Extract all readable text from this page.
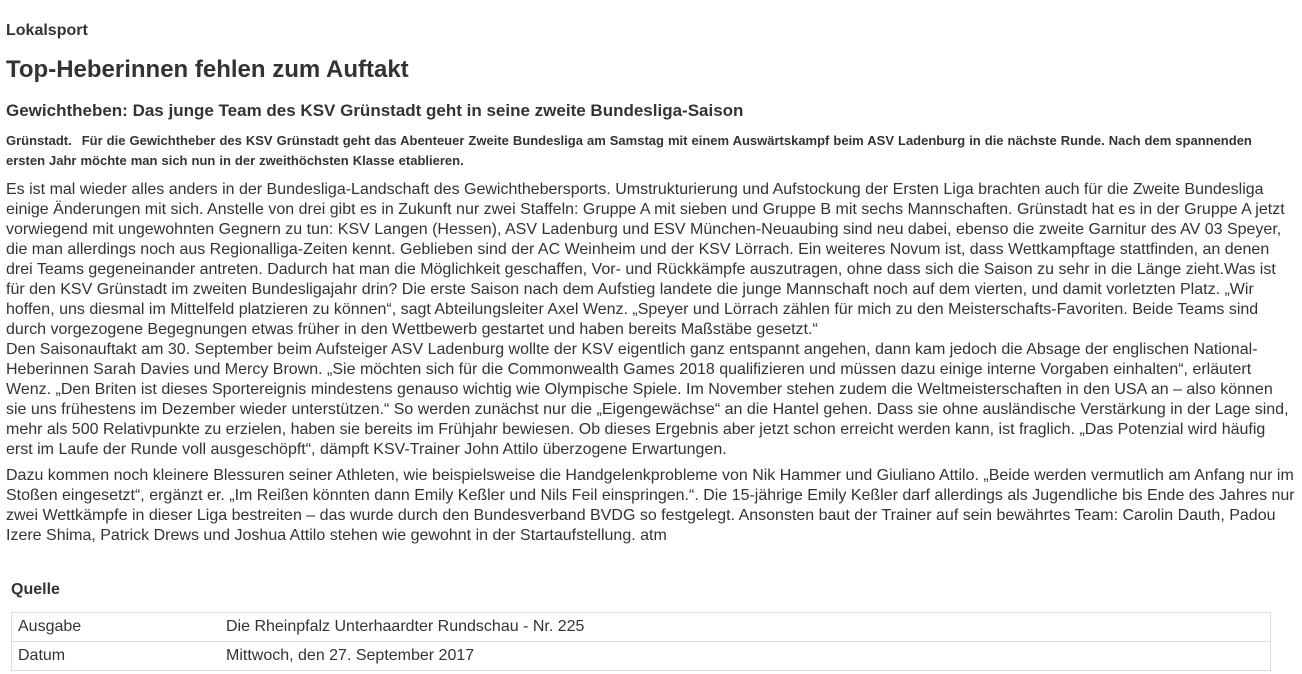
Lokalsport
Top-Heberinnen fehlen zum Auftakt
Gewichtheben: Das junge Team des KSV Grünstadt geht in seine zweite Bundesliga-Saison

Grünstadt. Für die Gewichtheber des KSV Grünstadt geht das Abenteuer Zweite Bundesliga am Samstag mit einem Auswärtskampf beim ASV Ladenburg in die nächste Runde. Nach dem spannenden ersten Jahr möchte man sich nun in der zweithöchsten Klasse etablieren.

Es ist mal wieder alles anders in der Bundesliga-Landschaft des Gewichthebersports. Umstrukturierung und Aufstockung der Ersten Liga brachten auch für die Zweite Bundesliga einige Änderungen mit sich. Anstelle von drei gibt es in Zukunft nur zwei Staffeln: Gruppe A mit sieben und Gruppe B mit sechs Mannschaften. Grünstadt hat es in der Gruppe A jetzt vorwiegend mit ungewohnten Gegnern zu tun: KSV Langen (Hessen), ASV Ladenburg und ESV München-Neuaubing sind neu dabei, ebenso die zweite Garnitur des AV 03 Speyer, die man allerdings noch aus Regionalliga-Zeiten kennt. Geblieben sind der AC Weinheim und der KSV Lörrach. Ein weiteres Novum ist, dass Wettkampftage stattfinden, an denen drei Teams gegeneinander antreten. Dadurch hat man die Möglichkeit geschaffen, Vor- und Rückkämpfe auszutragen, ohne dass sich die Saison zu sehr in die Länge zieht.Was ist für den KSV Grünstadt im zweiten Bundesligajahr drin? Die erste Saison nach dem Aufstieg landete die junge Mannschaft noch auf dem vierten, und damit vorletzten Platz. „Wir hoffen, uns diesmal im Mittelfeld platzieren zu können“, sagt Abteilungsleiter Axel Wenz. „Speyer und Lörrach zählen für mich zu den Meisterschafts-Favoriten. Beide Teams sind durch vorgezogene Begegnungen etwas früher in den Wettbewerb gestartet und haben bereits Maßstäbe gesetzt.“

Den Saisonauftakt am 30. September beim Aufsteiger ASV Ladenburg wollte der KSV eigentlich ganz entspannt angehen, dann kam jedoch die Absage der englischen National-Heberinnen Sarah Davies und Mercy Brown. „Sie möchten sich für die Commonwealth Games 2018 qualifizieren und müssen dazu einige interne Vorgaben einhalten“, erläutert Wenz. „Den Briten ist dieses Sportereignis mindestens genauso wichtig wie Olympische Spiele. Im November stehen zudem die Weltmeisterschaften in den USA an – also können sie uns frühestens im Dezember wieder unterstützen.“ So werden zunächst nur die „Eigengewächse“ an die Hantel gehen. Dass sie ohne ausländische Verstärkung in der Lage sind, mehr als 500 Relativpunkte zu erzielen, haben sie bereits im Frühjahr bewiesen. Ob dieses Ergebnis aber jetzt schon erreicht werden kann, ist fraglich. „Das Potenzial wird häufig erst im Laufe der Runde voll ausgeschöpft“, dämpft KSV-Trainer John Attilo überzogene Erwartungen.

Dazu kommen noch kleinere Blessuren seiner Athleten, wie beispielsweise die Handgelenkprobleme von Nik Hammer und Giuliano Attilo. „Beide werden vermutlich am Anfang nur im Stoßen eingesetzt“, ergänzt er. „Im Reißen könnten dann Emily Keßler und Nils Feil einspringen.“. Die 15-jährige Emily Keßler darf allerdings als Jugendliche bis Ende des Jahres nur zwei Wettkämpfe in dieser Liga bestreiten – das wurde durch den Bundesverband BVDG so festgelegt. Ansonsten baut der Trainer auf sein bewährtes Team: Carolin Dauth, Padou Izere Shima, Patrick Drews und Joshua Attilo stehen wie gewohnt in der Startaufstellung. atm

Quelle
Ausgabe	Die Rheinpfalz Unterhaardter Rundschau - Nr. 225
Datum	Mittwoch, den 27. September 2017
